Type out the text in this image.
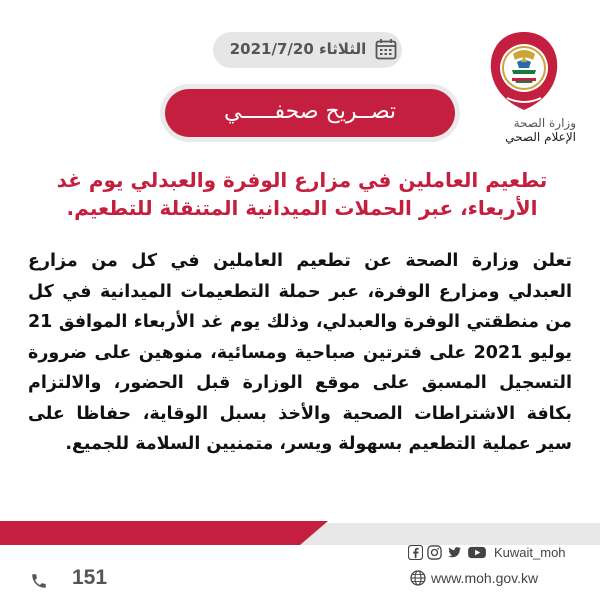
الثلاثاء 2021/7/20
وزارة الصحة
الإعلام الصحي
تصــريح صحفـــــي
تطعيم العاملين في مزارع الوفرة والعبدلي يوم غد الأربعاء، عبر الحملات الميدانية المتنقلة للتطعيم.
تعلن وزارة الصحة عن تطعيم العاملين في كل من مزارع العبدلي ومزارع الوفرة، عبر حملة التطعيمات الميدانية في كل من منطقتي الوفرة والعبدلي، وذلك يوم غد الأربعاء الموافق 21 يوليو 2021 على فترتين صباحية ومسائية، منوهين على ضرورة التسجيل المسبق على موقع الوزارة قبل الحضور، والالتزام بكافة الاشتراطات الصحية والأخذ بسبل الوقاية، حفاظا على سير عملية التطعيم بسهولة ويسر، متمنيين السلامة للجميع.
151
Kuwait_moh
www.moh.gov.kw
